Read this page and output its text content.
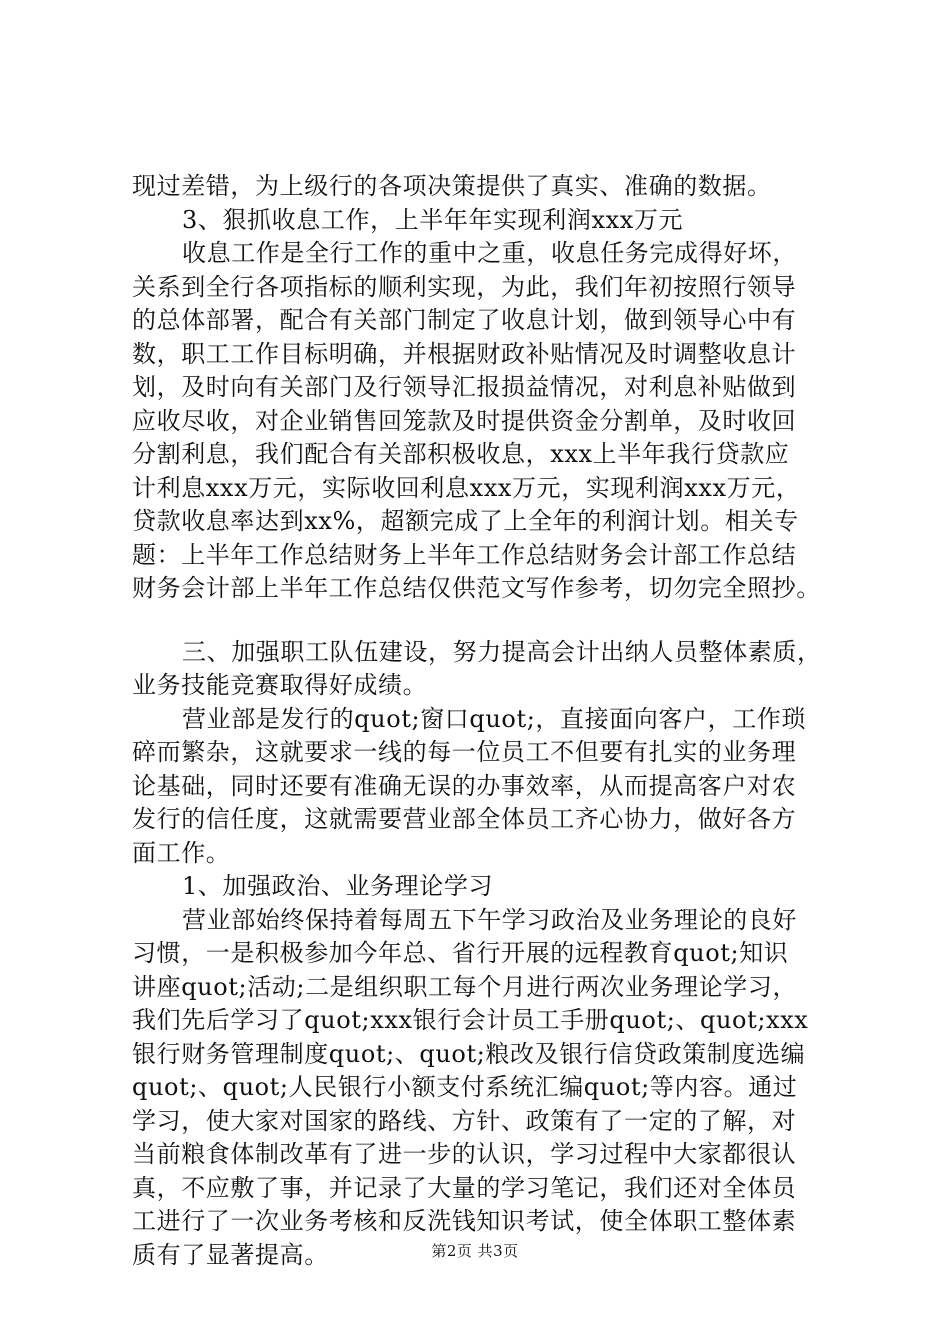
现过差错，为上级行的各项决策提供了真实、准确的数据。
3、狠抓收息工作，上半年年实现利润xxx万元
收息工作是全行工作的重中之重，收息任务完成得好坏，
关系到全行各项指标的顺利实现，为此，我们年初按照行领导
的总体部署，配合有关部门制定了收息计划，做到领导心中有
数，职工工作目标明确，并根据财政补贴情况及时调整收息计
划，及时向有关部门及行领导汇报损益情况，对利息补贴做到
应收尽收，对企业销售回笼款及时提供资金分割单，及时收回
分割利息，我们配合有关部积极收息，xxx上半年我行贷款应
计利息xxx万元，实际收回利息xxx万元，实现利润xxx万元，
贷款收息率达到xx%，超额完成了上全年的利润计划。相关专
题：上半年工作总结财务上半年工作总结财务会计部工作总结
财务会计部上半年工作总结仅供范文写作参考，切勿完全照抄。
三、加强职工队伍建设，努力提高会计出纳人员整体素质，
业务技能竞赛取得好成绩。
营业部是发行的quot;窗口quot;，直接面向客户，工作琐
碎而繁杂，这就要求一线的每一位员工不但要有扎实的业务理
论基础，同时还要有准确无误的办事效率，从而提高客户对农
发行的信任度，这就需要营业部全体员工齐心协力，做好各方
面工作。
1、加强政治、业务理论学习
营业部始终保持着每周五下午学习政治及业务理论的良好
习惯，一是积极参加今年总、省行开展的远程教育quot;知识
讲座quot;活动;二是组织职工每个月进行两次业务理论学习，
我们先后学习了quot;xxx银行会计员工手册quot;、quot;xxx
银行财务管理制度quot;、quot;粮改及银行信贷政策制度选编
quot;、quot;人民银行小额支付系统汇编quot;等内容。通过
学习，使大家对国家的路线、方针、政策有了一定的了解，对
当前粮食体制改革有了进一步的认识，学习过程中大家都很认
真，不应敷了事，并记录了大量的学习笔记，我们还对全体员
工进行了一次业务考核和反洗钱知识考试，使全体职工整体素
质有了显著提高。	第2页 共3页
